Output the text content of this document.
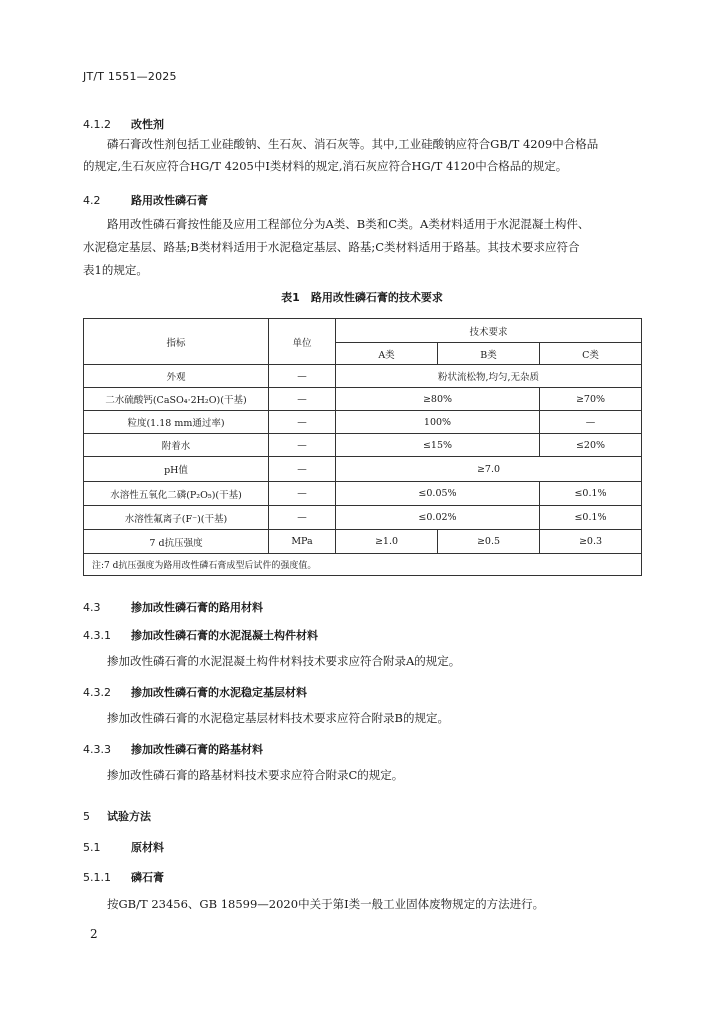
JT/T 1551—2025
4.1.2 改性剂
磷石膏改性剂包括工业硅酸钠、生石灰、消石灰等。其中,工业硅酸钠应符合GB/T 4209中合格品
的规定,生石灰应符合HG/T 4205中Ⅰ类材料的规定,消石灰应符合HG/T 4120中合格品的规定。
4.2	路用改性磷石膏
路用改性磷石膏按性能及应用工程部位分为A类、B类和C类。A类材料适用于水泥混凝土构件、
水泥稳定基层、路基;B类材料适用于水泥稳定基层、路基;C类材料适用于路基。其技术要求应符合
表1的规定。
表1　路用改性磷石膏的技术要求
指标	单位	技术要求		
		A类	B类	C类
外观	—	粉状流松物,均匀,无杂质		
二水硫酸钙(CaSO₄·2H₂O)(干基)	—	≥80%		≥70%
粒度(1.18 mm通过率)	—	100%		—
附着水	—	≤15%		≤20%
pH值	—	≥7.0		
水溶性五氧化二磷(P₂O₅)(干基)	—	≤0.05%		≤0.1%
水溶性氟离子(F⁻)(干基)	—	≤0.02%		≤0.1%
7 d抗压强度	MPa	≥1.0	≥0.5	≥0.3
注:7 d抗压强度为路用改性磷石膏成型后试件的强度值。				
4.3	掺加改性磷石膏的路用材料
4.3.1 掺加改性磷石膏的水泥混凝土构件材料
掺加改性磷石膏的水泥混凝土构件材料技术要求应符合附录A的规定。
4.3.2 掺加改性磷石膏的水泥稳定基层材料
掺加改性磷石膏的水泥稳定基层材料技术要求应符合附录B的规定。
4.3.3 掺加改性磷石膏的路基材料
掺加改性磷石膏的路基材料技术要求应符合附录C的规定。
5 试验方法
5.1	原材料
5.1.1 磷石膏
按GB/T 23456、GB 18599—2020中关于第Ⅰ类一般工业固体废物规定的方法进行。
2
